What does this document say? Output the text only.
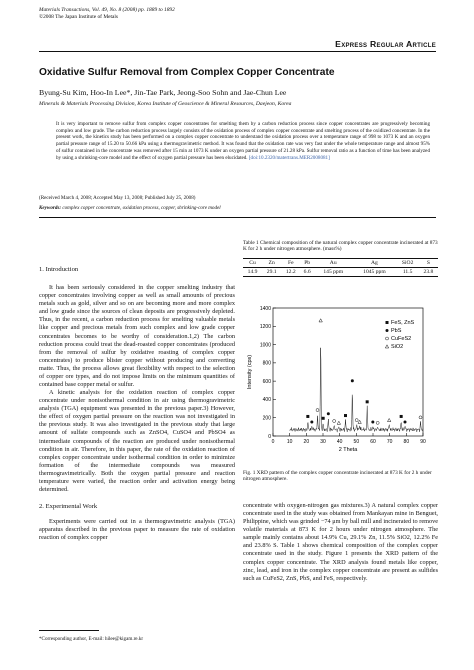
Materials Transactions, Vol. 49, No. 8 (2008) pp. 1889 to 1892
©2008 The Japan Institute of Metals
Express Regular Article
Oxidative Sulfur Removal from Complex Copper Concentrate
Byung-Su Kim, Hoo-In Lee*, Jin-Tae Park, Jeong-Soo Sohn and Jae-Chun Lee
Minerals & Materials Processing Division, Korea Institute of Geoscience & Mineral Resources, Daejeon, Korea
It is very important to remove sulfur from complex copper concentrates for smelting them by a carbon reduction process since copper concentrates are progressively becoming complex and low grade. The carbon reduction process largely consists of the oxidation process of complex copper concentrate and smelting process of the oxidized concentrate. In the present work, the kinetics study has been performed on a complex copper concentrate to understand the oxidation process over a temperature range of 998 to 1073 K and an oxygen partial pressure range of 15.20 to 50.66 kPa using a thermogravimetric method. It was found that the oxidation rate was very fast under the whole temperature range and almost 95% of sulfur contained in the concentrate was removed after 15 min at 1073 K under an oxygen partial pressure of 21.28 kPa. Sulfur removal ratio as a function of time has been analyzed by using a shrinking-core model and the effect of oxygen partial pressure has been elucidated. [doi:10.2320/matertrans.MER2008081]
(Received March 4, 2008; Accepted May 13, 2008; Published July 25, 2008)
Keywords: complex copper concentrate, oxidation process, copper, shrinking-core model
1. Introduction

It has been seriously considered in the copper smelting industry that copper concentrates involving copper as well as small amounts of precious metals such as gold, silver and so on are becoming more and more complex and low grade since the sources of clean deposits are progressively depleted. Thus, in the recent, a carbon reduction process for smelting valuable metals like copper and precious metals from such complex and low grade copper concentrates becomes to be worthy of consideration.1,2) The carbon reduction process could treat the dead-roasted copper concentrates (produced from the removal of sulfur by oxidative roasting of complex copper concentrates) to produce blister copper without producing and converting matte. Thus, the process allows great flexibility with respect to the selection of copper ore types, and do not impose limits on the minimum quantities of contained base copper metal or sulfur.

A kinetic analysis for the oxidation reaction of complex copper concentrate under nonisothermal condition in air using thermogravimetric analysis (TGA) equipment was presented in the previous paper.3) However, the effect of oxygen partial pressure on the reaction was not investigated in the previous study. It was also investigated in the previous study that large amount of sulfate compounds such as ZnSO4, CuSO4 and PbSO4 as intermediate compounds of the reaction are produced under nonisothermal condition in air. Therefore, in this paper, the rate of the oxidation reaction of complex copper concentrate under isothermal condition in order to minimize formation of the intermediate compounds was measured thermogravimetrically. Both the oxygen partial pressure and reaction temperature were varied, the reaction order and activation energy being determined.

2. Experimental Work

Experiments were carried out in a thermogravimetric analysis (TGA) apparatus described in the previous paper to measure the rate of oxidation reaction of complex copper

*Corresponding author, E-mail: hilee@kigam.re.kr
Table 1 Chemical composition of the natural complex copper concentrate incinerated at 873 K for 2 h under nitrogen atmosphere. (mass%)
Cu	Zn	Fe	Pb	Au	Ag	SiO2	S
14.9	29.1	12.2	6.6	145 ppm	1045 ppm	11.5	23.8
0 10 20 30 40 50 60 70 80 90
0
200
400
600
800
1000
1200
1400
2 Theta
Intensity (cps)
FeS, ZnS
PbS
CuFeS2
SiO2
Fig. 1 XRD pattern of the complex copper concentrate incinerated at 873 K for 2 h under nitrogen atmosphere.

concentrate with oxygen-nitrogen gas mixtures.3) A natural complex copper concentrate used in the study was obtained from Mankayan mine in Benguet, Philippine, which was grinded −74 μm by ball mill and incinerated to remove volatile materials at 873 K for 2 hours under nitrogen atmosphere. The sample mainly contains about 14.9% Cu, 29.1% Zn, 11.5% SiO2, 12.2% Fe and 23.8% S. Table 1 shows chemical composition of the complex copper concentrate used in the study. Figure 1 presents the XRD pattern of the complex copper concentrate. The XRD analysis found metals like copper, zinc, lead, and iron in the complex copper concentrate are present as sulfides such as CuFeS2, ZnS, PbS, and FeS, respectively.
